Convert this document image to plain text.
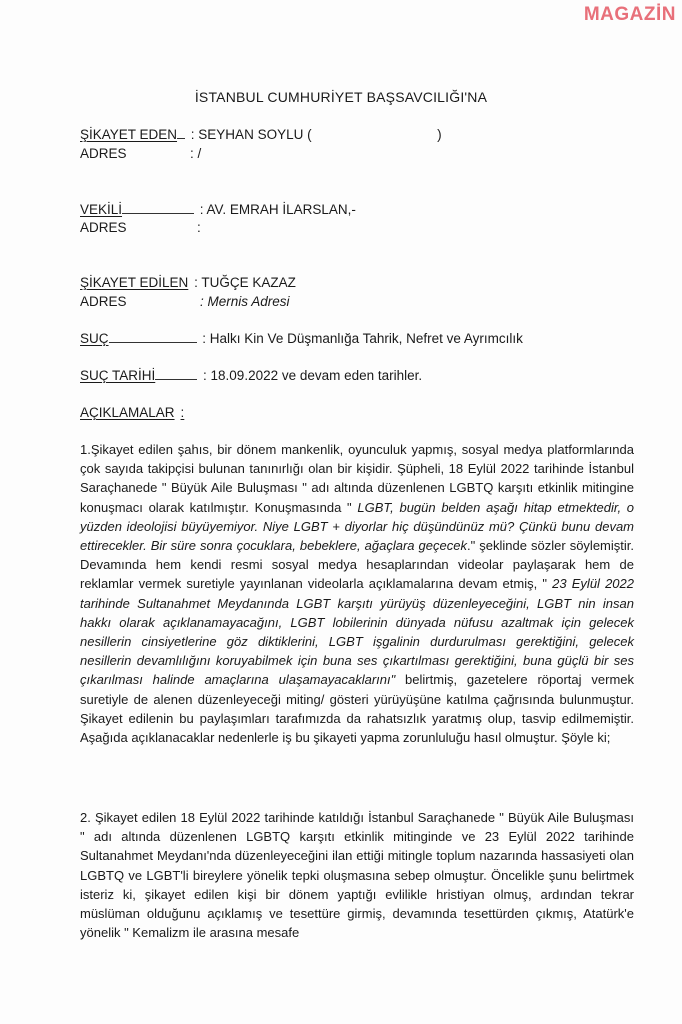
MAGAZİN
İSTANBUL CUMHURİYET BAŞSAVCILIĞI'NA
ŞİKAYET EDEN : SEYHAN SOYLU (	)
ADRES	: /
VEKİLİ	: AV. EMRAH İLARSLAN,-
ADRES	:
ŞİKAYET EDİLEN : TUĞÇE KAZAZ
ADRES	: Mernis Adresi
SUÇ	: Halkı Kin Ve Düşmanlığa Tahrik, Nefret ve Ayrımcılık
SUÇ TARİHİ	: 18.09.2022 ve devam eden tarihler.
AÇIKLAMALAR :
1.Şikayet edilen şahıs, bir dönem mankenlik, oyunculuk yapmış, sosyal medya platformlarında çok sayıda takipçisi bulunan tanınırlığı olan bir kişidir. Şüpheli, 18 Eylül 2022 tarihinde İstanbul Saraçhanede " Büyük Aile Buluşması " adı altında düzenlenen LGBTQ karşıtı etkinlik mitingine konuşmacı olarak katılmıştır. Konuşmasında " LGBT, bugün belden aşağı hitap etmektedir, o yüzden ideolojisi büyüyemiyor. Niye LGBT + diyorlar hiç düşündünüz mü? Çünkü bunu devam ettirecekler. Bir süre sonra çocuklara, bebeklere, ağaçlara geçecek." şeklinde sözler söylemiştir. Devamında hem kendi resmi sosyal medya hesaplarından videolar paylaşarak hem de reklamlar vermek suretiyle yayınlanan videolarla açıklamalarına devam etmiş, " 23 Eylül 2022 tarihinde Sultanahmet Meydanında LGBT karşıtı yürüyüş düzenleyeceğini, LGBT nin insan hakkı olarak açıklanamayacağını, LGBT lobilerinin dünyada nüfusu azaltmak için gelecek nesillerin cinsiyetlerine göz diktiklerini, LGBT işgalinin durdurulması gerektiğini, gelecek nesillerin devamlılığını koruyabilmek için buna ses çıkartılması gerektiğini, buna güçlü bir ses çıkarılması halinde amaçlarına ulaşamayacaklarını" belirtmiş, gazetelere röportaj vermek suretiyle de alenen düzenleyeceği miting/ gösteri yürüyüşüne katılma çağrısında bulunmuştur. Şikayet edilenin bu paylaşımları tarafımızda da rahatsızlık yaratmış olup, tasvip edilmemiştir. Aşağıda açıklanacaklar nedenlerle iş bu şikayeti yapma zorunluluğu hasıl olmuştur. Şöyle ki;
2. Şikayet edilen 18 Eylül 2022 tarihinde katıldığı İstanbul Saraçhanede " Büyük Aile Buluşması " adı altında düzenlenen LGBTQ karşıtı etkinlik mitinginde ve 23 Eylül 2022 tarihinde Sultanahmet Meydanı'nda düzenleyeceğini ilan ettiği mitingle toplum nazarında hassasiyeti olan LGBTQ ve LGBT'li bireylere yönelik tepki oluşmasına sebep olmuştur. Öncelikle şunu belirtmek isteriz ki, şikayet edilen kişi bir dönem yaptığı evlilikle hristiyan olmuş, ardından tekrar müslüman olduğunu açıklamış ve tesettüre girmiş, devamında tesettürden çıkmış, Atatürk'e yönelik " Kemalizm ile arasına mesafe
